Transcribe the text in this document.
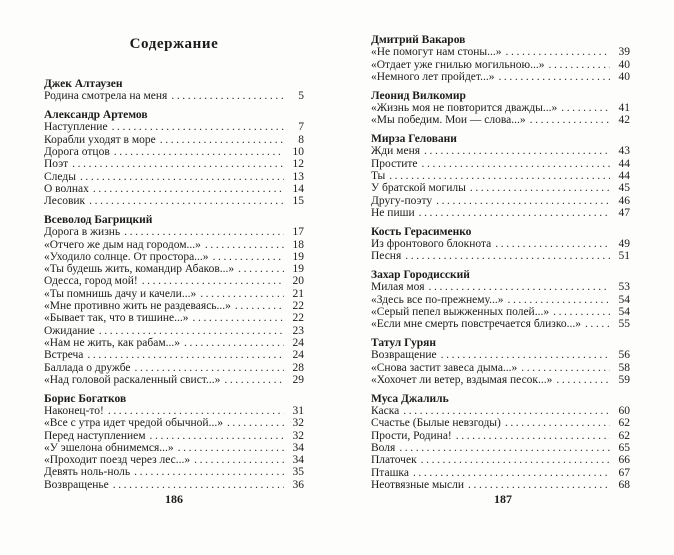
Содержание
Джек Алтаузен
Родина смотрела на меня .....	5
Александр Артемов
Наступление .....	7
Корабли уходят в море .....	8
Дорога отцов .....	10
Поэт .....	12
Следы .....	13
О волнах .....	14
Лесовик .....	15
Всеволод Багрицкий
Дорога в жизнь .....	17
«Отчего же дым над городом...» .....	18
«Уходило солнце. От простора...» .....	19
«Ты будешь жить, командир Абаков...» .....	19
Одесса, город мой! .....	20
«Ты помнишь дачу и качели...» .....	21
«Мне противно жить не раздеваясь...» .....	22
«Бывает так, что в тишине...» .....	22
Ожидание .....	23
«Нам не жить, как рабам...» .....	24
Встреча .....	24
Баллада о дружбе .....	28
«Над головой раскаленный свист...» .....	29
Борис Богатков
Наконец-то! .....	31
«Все с утра идет чредой обычной...» .....	32
Перед наступлением .....	32
«У эшелона обнимемся...» .....	34
«Проходит поезд через лес...» .....	34
Девять ноль-ноль .....	35
Возвращенье .....	36
Дмитрий Вакаров
«Не помогут нам стоны...» .....	39
«Отдает уже гнилью могильною...» .....	40
«Немного лет пройдет...» .....	40
Леонид Вилкомир
«Жизнь моя не повторится дважды...» .....	41
«Мы победим. Мои — слова...» .....	42
Мирза Геловани
Жди меня .....	43
Простите .....	44
Ты .....	44
У братской могилы .....	45
Другу-поэту .....	46
Не пиши .....	47
Кость Герасименко
Из фронтового блокнота .....	49
Песня .....	51
Захар Городисский
Милая моя .....	53
«Здесь все по-прежнему...» .....	54
«Серый пепел выжженных полей...» .....	54
«Если мне смерть повстречается близко...» .....	55
Татул Гурян
Возвращение .....	56
«Снова застит завеса дыма...» .....	58
«Хохочет ли ветер, вздымая песок...» .....	59
Муса Джалиль
Каска .....	60
Счастье (Былые невзгоды) .....	62
Прости, Родина! .....	62
Воля .....	65
Платочек .....	66
Пташка .....	67
Неотвязные мысли .....	68
186	187
